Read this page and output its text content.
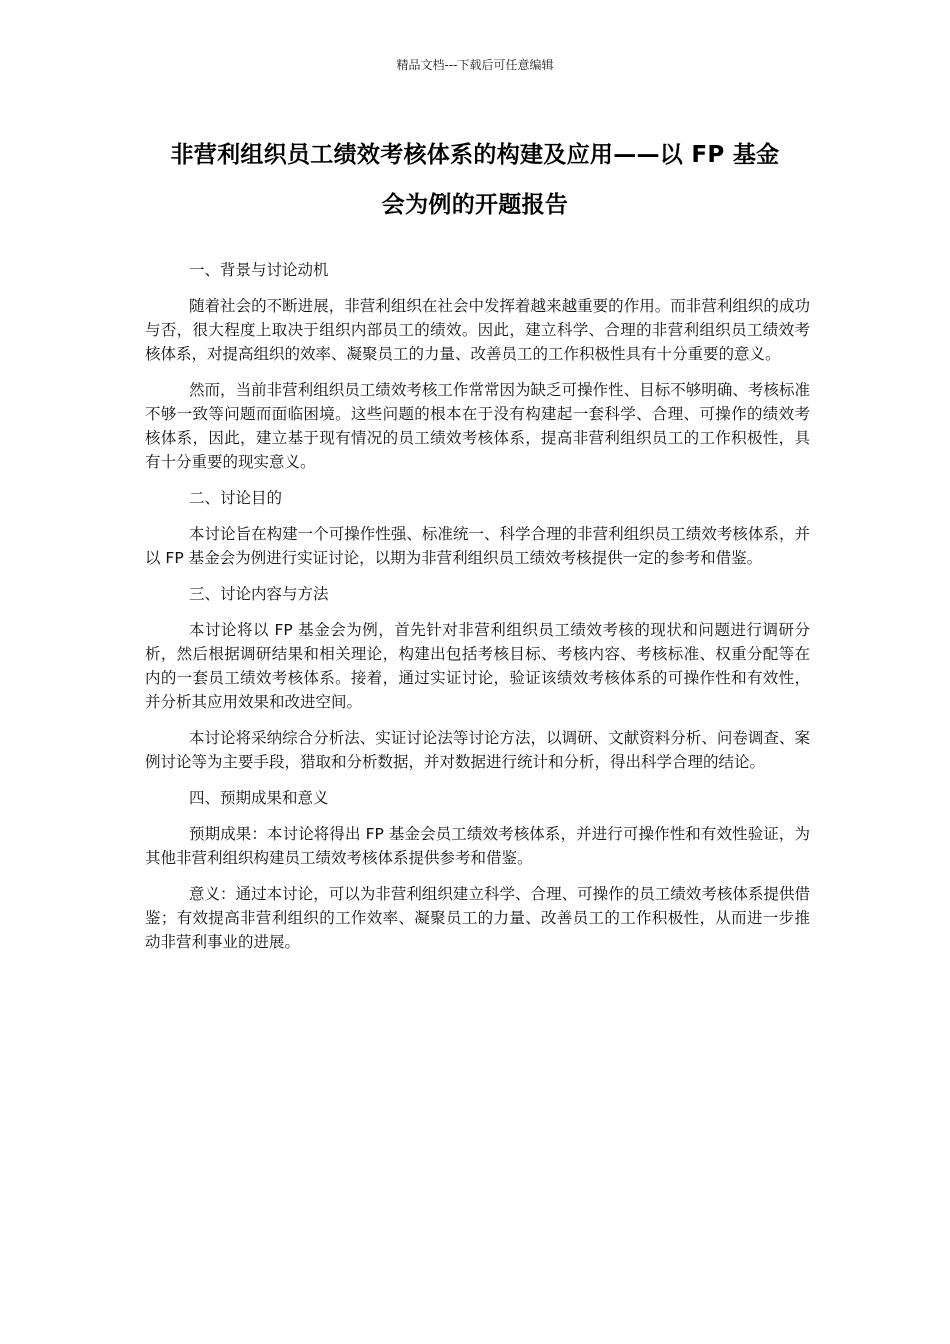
精品文档---下载后可任意编辑
非营利组织员工绩效考核体系的构建及应用——以 FP 基金
会为例的开题报告
一、背景与讨论动机

随着社会的不断进展，非营利组织在社会中发挥着越来越重要的作用。而非营利组织的成功与否，很大程度上取决于组织内部员工的绩效。因此，建立科学、合理的非营利组织员工绩效考核体系，对提高组织的效率、凝聚员工的力量、改善员工的工作积极性具有十分重要的意义。

然而，当前非营利组织员工绩效考核工作常常因为缺乏可操作性、目标不够明确、考核标准不够一致等问题而面临困境。这些问题的根本在于没有构建起一套科学、合理、可操作的绩效考核体系，因此，建立基于现有情况的员工绩效考核体系，提高非营利组织员工的工作积极性，具有十分重要的现实意义。

二、讨论目的

本讨论旨在构建一个可操作性强、标准统一、科学合理的非营利组织员工绩效考核体系，并以 FP 基金会为例进行实证讨论，以期为非营利组织员工绩效考核提供一定的参考和借鉴。

三、讨论内容与方法

本讨论将以 FP 基金会为例，首先针对非营利组织员工绩效考核的现状和问题进行调研分析，然后根据调研结果和相关理论，构建出包括考核目标、考核内容、考核标准、权重分配等在内的一套员工绩效考核体系。接着，通过实证讨论，验证该绩效考核体系的可操作性和有效性，并分析其应用效果和改进空间。

本讨论将采纳综合分析法、实证讨论法等讨论方法，以调研、文献资料分析、问卷调查、案例讨论等为主要手段，猎取和分析数据，并对数据进行统计和分析，得出科学合理的结论。

四、预期成果和意义

预期成果：本讨论将得出 FP 基金会员工绩效考核体系，并进行可操作性和有效性验证，为其他非营利组织构建员工绩效考核体系提供参考和借鉴。

意义：通过本讨论，可以为非营利组织建立科学、合理、可操作的员工绩效考核体系提供借鉴；有效提高非营利组织的工作效率、凝聚员工的力量、改善员工的工作积极性，从而进一步推动非营利事业的进展。
